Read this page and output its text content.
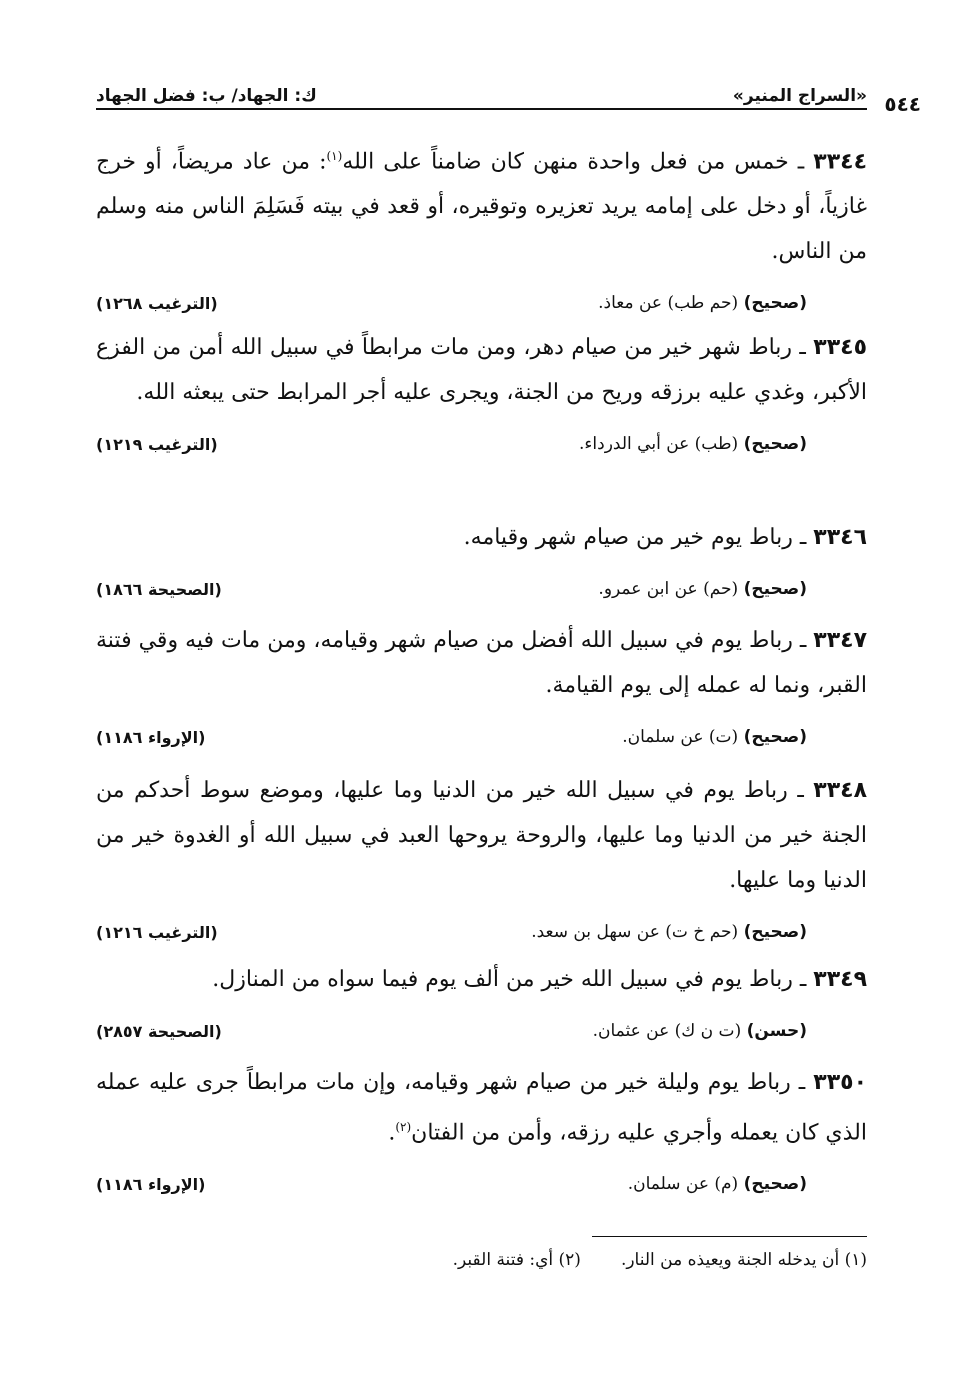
«السراج المنير»
ك: الجهاد/ ب: فضل الجهاد	٥٤٤

٣٣٤٤ ـ خمس من فعل واحدة منهن كان ضامناً على الله$^{(١)}$: من عاد مريضاً، أو خرج غازياً، أو دخل على إمامه يريد تعزيره وتوقيره، أو قعد في بيته فَسَلِمَ الناس منه وسلم من الناس.

(صحيح) (حم طب) عن معاذ.
(الترغيب ١٢٦٨)

٣٣٤٥ ـ رباط شهر خير من صيام دهر، ومن مات مرابطاً في سبيل الله أمن من الفزع الأكبر، وغدي عليه برزقه وريح من الجنة، ويجرى عليه أجر المرابط حتى يبعثه الله.

(صحيح) (طب) عن أبي الدرداء.
(الترغيب ١٢١٩)

٣٣٤٦ ـ رباط يوم خير من صيام شهر وقيامه.

(صحيح) (حم) عن ابن عمرو.
(الصحيحة ١٨٦٦)

٣٣٤٧ ـ رباط يوم في سبيل الله أفضل من صيام شهر وقيامه، ومن مات فيه وقي فتنة القبر، ونما له عمله إلى يوم القيامة.

(صحيح) (ت) عن سلمان.
(الإرواء ١١٨٦)

٣٣٤٨ ـ رباط يوم في سبيل الله خير من الدنيا وما عليها، وموضع سوط أحدكم من الجنة خير من الدنيا وما عليها، والروحة يروحها العبد في سبيل الله أو الغدوة خير من الدنيا وما عليها.

(صحيح) (حم خ ت) عن سهل بن سعد.
(الترغيب ١٢١٦)

٣٣٤٩ ـ رباط يوم في سبيل الله خير من ألف يوم فيما سواه من المنازل.

(حسن) (ت ن ك) عن عثمان.
(الصحيحة ٢٨٥٧)

٣٣٥٠ ـ رباط يوم وليلة خير من صيام شهر وقيامه، وإن مات مرابطاً جرى عليه عمله الذي كان يعمله وأجري عليه رزقه، وأمن من الفتان$^{(٢)}$.

(صحيح) (م) عن سلمان.
(الإرواء ١١٨٦)
(١) أن يدخله الجنة ويعيذه من النار.
(٢) أي: فتنة القبر.
